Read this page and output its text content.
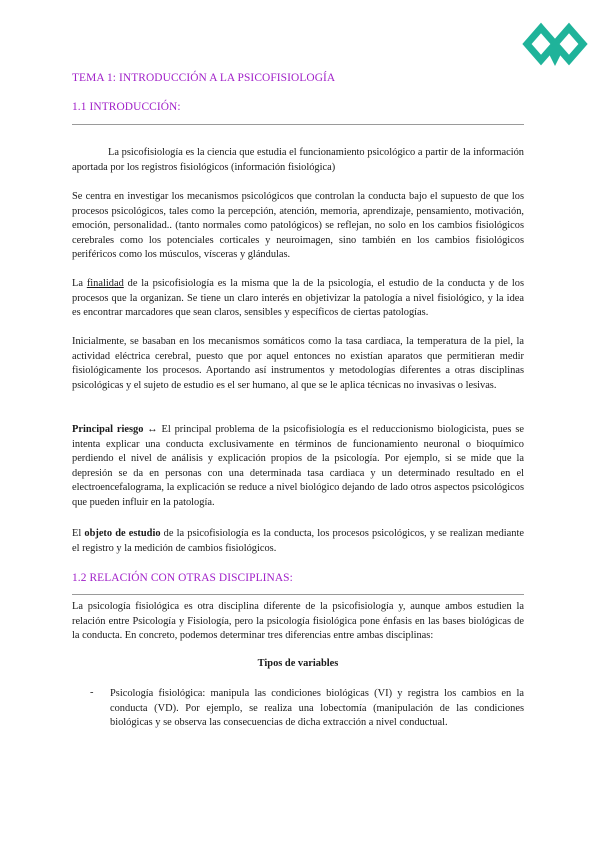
TEMA 1: INTRODUCCIÓN A LA PSICOFISIOLOGÍA
1.1 INTRODUCCIÓN:
La psicofisiología es la ciencia que estudia el funcionamiento psicológico a partir de la información aportada por los registros fisiológicos (información fisiológica)
Se centra en investigar los mecanismos psicológicos que controlan la conducta bajo el supuesto de que los procesos psicológicos, tales como la percepción, atención, memoria, aprendizaje, pensamiento, motivación, emoción, personalidad.. (tanto normales como patológicos) se reflejan, no solo en los cambios fisiológicos cerebrales como los potenciales corticales y neuroimagen, sino también en los cambios fisiológicos periféricos como los músculos, vísceras y glándulas.
La finalidad de la psicofisiología es la misma que la de la psicología, el estudio de la conducta y de los procesos que la organizan. Se tiene un claro interés en objetivizar la patología a nivel fisiológico, y la idea es encontrar marcadores que sean claros, sensibles y específicos de ciertas patologías.
Inicialmente, se basaban en los mecanismos somáticos como la tasa cardiaca, la temperatura de la piel, la actividad eléctrica cerebral, puesto que por aquel entonces no existían aparatos que permitieran medir fisiológicamente los procesos. Aportando así instrumentos y metodologías diferentes a otras disciplinas psicológicas y el sujeto de estudio es el ser humano, al que se le aplica técnicas no invasivas o lesivas.
Principal riesgo ↔ El principal problema de la psicofisiología es el reduccionismo biologicista, pues se intenta explicar una conducta exclusivamente en términos de funcionamiento neuronal o bioquímico perdiendo el nivel de análisis y explicación propios de la psicología. Por ejemplo, si se mide que la depresión se da en personas con una determinada tasa cardiaca y un determinado resultado en el electroencefalograma, la explicación se reduce a nivel biológico dejando de lado otros aspectos psicológicos que pueden influir en la patología.
El objeto de estudio de la psicofisiología es la conducta, los procesos psicológicos, y se realizan mediante el registro y la medición de cambios fisiológicos.
1.2 RELACIÓN CON OTRAS DISCIPLINAS:
La psicología fisiológica es otra disciplina diferente de la psicofisiología y, aunque ambos estudien la relación entre Psicología y Fisiología, pero la psicología fisiológica pone énfasis en las bases biológicas de la conducta. En concreto, podemos determinar tres diferencias entre ambas disciplinas:
Tipos de variables
- Psicología fisiológica: manipula las condiciones biológicas (VI) y registra los cambios en la conducta (VD). Por ejemplo, se realiza una lobectomía (manipulación de las condiciones biológicas y se observa las consecuencias de dicha extracción a nivel conductual.
